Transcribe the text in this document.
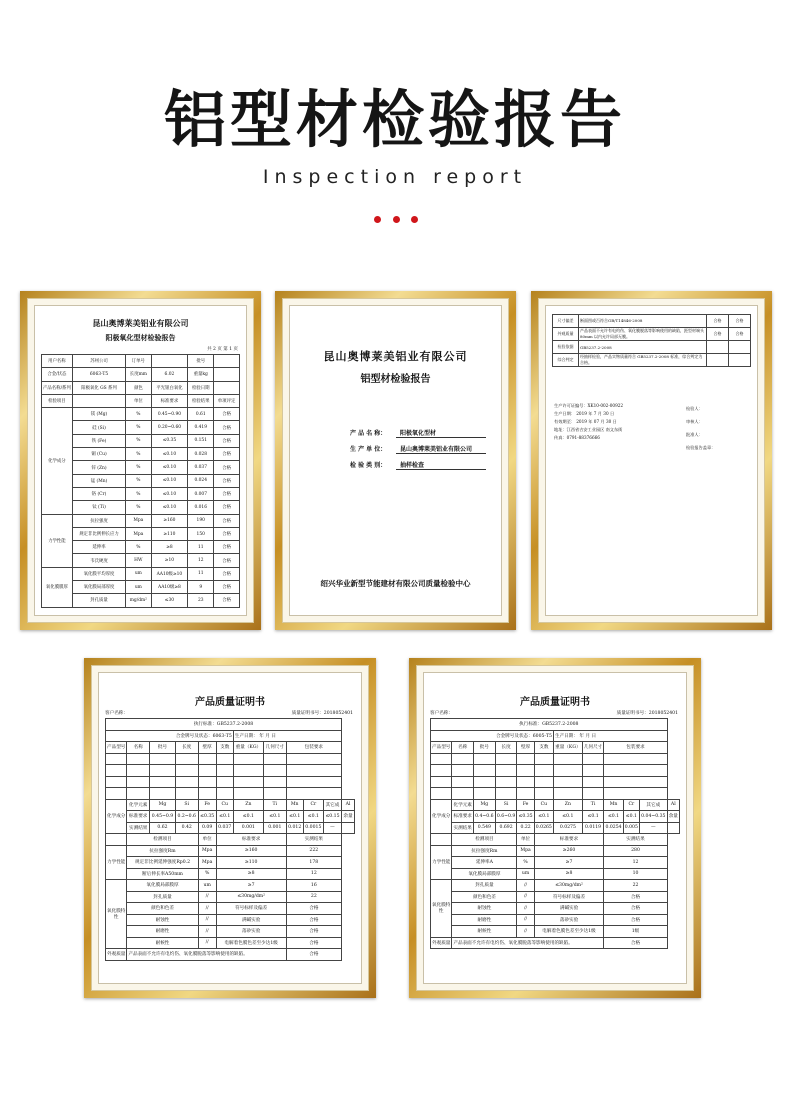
铝型材检验报告
Inspection report
昆山奥博莱美铝业有限公司
阳极氧化型材检验报告
共 2 页 第 1 页
用户名称	苏州公司	订单号		批号	
合金/状态	6063-T5	长度mm	6.02	重量kg	
产品名称/系列	阳极氧化 GS 系列	颜色	平光银白氧化	检验日期	
检验项目		单位	标准要求	检验结果	单项评定
化学成分	镁 (Mg)	%	0.45~0.90	0.61	合格
	硅 (Si)	%	0.20~0.60	0.419	合格
	铁 (Fe)	%	≤0.35	0.151	合格
	铜 (Cu)	%	≤0.10	0.028	合格
	锌 (Zn)	%	≤0.10	0.037	合格
	锰 (Mn)	%	≤0.10	0.024	合格
	铬 (Cr)	%	≤0.10	0.007	合格
	钛 (Ti)	%	≤0.10	0.016	合格
力学性能	抗拉强度	Mpa	≥160	190	合格
	规定非比例伸长应力	Mpa	≥110	150	合格
	延伸率	%	≥8	11	合格
	韦氏硬度	HW	≥10	12	合格
氧化膜膜厚	氧化膜平均厚度	um	AA10级≥10	11	合格
	氧化膜局部厚度	um	AA10级≥8	9	合格
	封孔质量	mg/dm²	≤30	23	合格
昆山奥博莱美铝业有限公司
铝型材检验报告
产 品 名 称：	阳极氧化型材
生 产 单 位：	昆山奥博莱美铝业有限公司
检 验 类 别：	抽样检查
绍兴华业新型节能建材有限公司质量检验中心
尺寸偏差	断面图或百符合GB/T14846-2008	合格	合格
外观质量	产品表面不允许有电灼伤、氧化膜脱落等影响使用的缺陷，距型材端头 80mm 以内允许局部无膜。	合格	合格
检验依据	GB5237.2-2008		
综合判定	经抽样检验，产品实物质量符合 GB5237.2-2008 标准，综合判定为合格。		
生产许可证编号：XK10-002-00922
生产日期： 2019 年 7 月 30 日
有效期至： 2019 年 07 月 30 日
地址：江西省吉安工业园区 南文东街
传真：0791-88376666
检验人：
审核人：
批准人：
检验报告盖章：
产品质量证明书
客户名称：	质量证明书号：2018052401
执行标准：GB5237.2-2008											
合金牌号及状态：6063-T5						生产日期： 年 月 日					
产品型号	名称	批号	长度	壁厚	支数	重量（KG）	几何尺寸	包装要求			

化学成分	化学元素	Mg	Si	Fe	Cu	Zn	Ti	Mn	Cr	其它成	Al
	标准要求	0.45~0.9	0.2~0.6	≤0.35	≤0.1	≤0.1	≤0.1	≤0.1	≤0.1	≤0.15	余量
	实测结果	0.62	0.42	0.09	0.037	0.001	0.001	0.012	0.0015	—	
	检测项目			单位	标准要求			实测结果			
力学性能	抗拉强度Rm			Mpa	≥160			222			
	规定非比例延伸强度Rp0.2			Mpa	≥110			178			
	断后伸长率A50mm			%	≥8			12			
氧化膜特性	氧化膜局部膜厚			um	≥7			16			
	封孔质量			//	≤30mg/dm²			22			
	颜色和色差			//	符号标样及偏差			合格			
	耐蚀性			//	满碱实验			合格			
	耐磨性			//	落砂实验			合格			
	耐候性			//	电解着色膜色差至少达1级			合格			
外观质量	产品表面不允许有电灼伤、氧化膜脱落等影响使用的缺陷。							合格			
产品质量证明书
客户名称：	质量证明书号：2018052401
执行标准：GB5237.2-2008											
合金牌号及状态：6005-T5						生产日期： 年 月 日					
产品型号	名称	批号	长度	壁厚	支数	重量（KG）	几何尺寸	包装要求			

化学成分	化学元素	Mg	Si	Fe	Cu	Zn	Ti	Mn	Cr	其它成	Al
	标准要求	0.4~0.6	0.6~0.9	≤0.35	≤0.1	≤0.1	≤0.1	≤0.1	≤0.1	0.04~0.35	余量
	实测结果	0.549	0.692	0.22	0.0265	0.0275	0.0119	0.0254	0.005	—	
	检测项目			单位	标准要求			实测结果			
力学性能	抗拉强度Rm			Mpa	≥260			280			
	延伸率A			%	≥7			12			
	氧化膜局部膜厚			um	≥8			10			
氧化膜特性	封孔质量			//	≤30mg/dm²			22			
	颜色和色差			//	符号标样及偏差			合格			
	耐蚀性			//	满碱实验			合格			
	耐磨性			//	落砂实验			合格			
	耐候性			//	电解着色膜色差至少达1级			1级			
外观质量	产品表面不允许有电灼伤、氧化膜脱落等影响使用的缺陷。							合格			
